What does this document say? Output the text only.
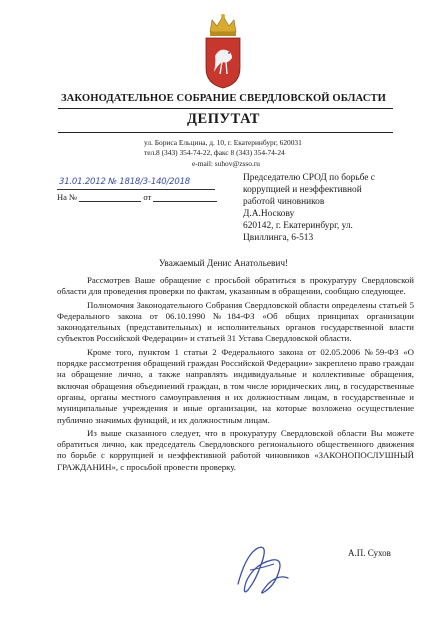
ЗАКОНОДАТЕЛЬНОЕ СОБРАНИЕ СВЕРДЛОВСКОЙ ОБЛАСТИ
ДЕПУТАТ
ул. Бориса Ельцина, д. 10, г. Екатеринбург, 620031
тел.8 (343) 354-74-22, факс 8 (343) 354-74-24
e-mail: suhov@zsso.ru
31.01.2012 № 1818/3-140/2018
На №	от
Председателю СРОД по борьбе с
коррупцией и неэффективной
работой чиновников
Д.А.Носкову
620142, г. Екатеринбург, ул.
Цвиллинга, 6-513
Уважаемый Денис Анатольевич!

Рассмотрев Ваше обращение с просьбой обратиться в прокуратуру Свердловской области для проведения проверки по фактам, указанным в обращении, сообщаю следующее.

Полномочия Законодательного Собрания Свердловской области определены статьей 5 Федерального закона от 06.10.1990 №184-ФЗ «Об общих принципах организации законодательных (представительных) и исполнительных органов государственной власти субъектов Российской Федерации» и статьей 31 Устава Свердловской области.

Кроме того, пунктом 1 статьи 2 Федерального закона от 02.05.2006 №59-ФЗ «О порядке рассмотрения обращений граждан Российской Федерации» закреплено право граждан на обращение лично, а также направлять индивидуальные и коллективные обращения, включая обращения объединений граждан, в том числе юридических лиц, в государственные органы, органы местного самоуправления и их должностным лицам, в государственные и муниципальные учреждения и иные организации, на которые возложено осуществление публично значимых функций, и их должностным лицам.

Из выше сказанного следует, что в прокуратуру Свердловской области Вы можете обратиться лично, как председатель Свердловского регионального общественного движения по борьбе с коррупцией и неэффективной работой чиновников «ЗАКОНОПОСЛУШНЫЙ ГРАЖДАНИН», с просьбой провести проверку.

А.П. Сухов
